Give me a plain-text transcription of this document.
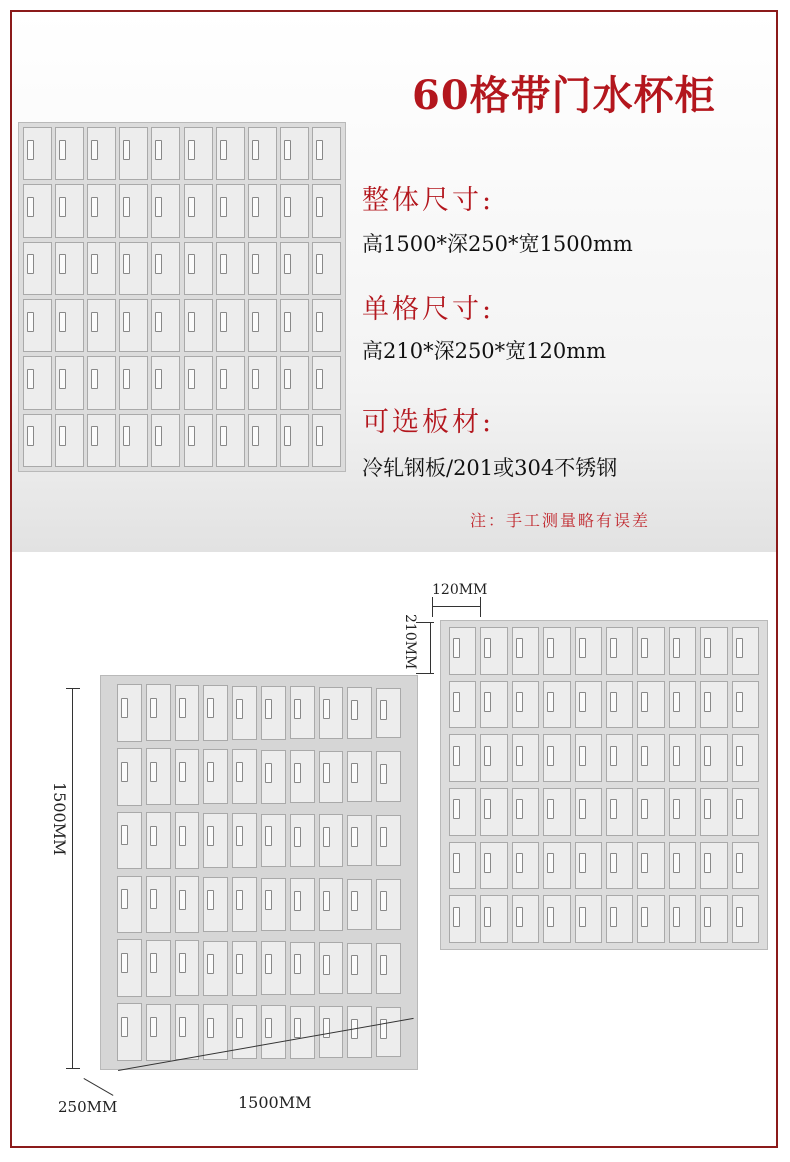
60格带门水杯柜
整体尺寸:
高1500*深250*宽1500mm
单格尺寸:
高210*深250*宽120mm
可选板材:
冷轧钢板/201或304不锈钢
注：手工测量略有误差
120MM
210MM
1500MM
1500MM
250MM
